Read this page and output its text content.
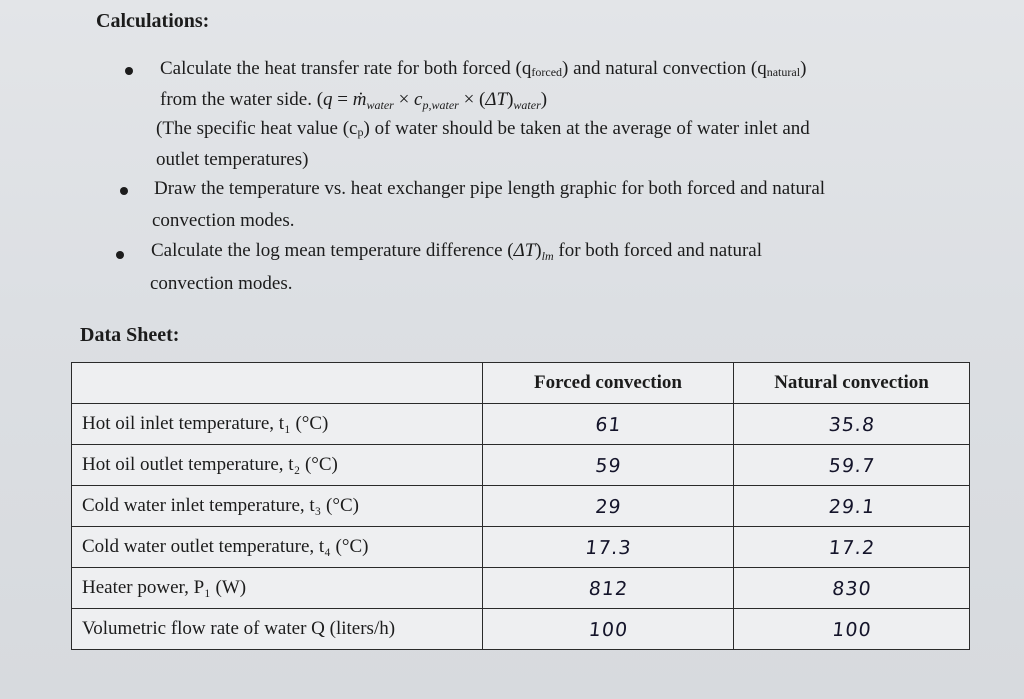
Calculations:
Calculate the heat transfer rate for both forced (qforced) and natural convection (qnatural)
from the water side. (q = ṁ$_{water}$ × $c_{p,water} \times (\Delta T)_{water}$)
(The specific heat value (cp) of water should be taken at the average of water inlet and
outlet temperatures)
Draw the temperature vs. heat exchanger pipe length graphic for both forced and natural
convection modes.
Calculate the log mean temperature difference $(\Delta T)_{lm}$ for both forced and natural
convection modes.
Data Sheet:
	Forced convection	Natural convection
Hot oil inlet temperature, t₁ (°C)	61	35.8
Hot oil outlet temperature, t₂ (°C)	59	59.7
Cold water inlet temperature, t₃ (°C)	29	29.1
Cold water outlet temperature, t₄ (°C)	17.3	17.2
Heater power, P₁ (W)	812	830
Volumetric flow rate of water Q (liters/h)	100	100
